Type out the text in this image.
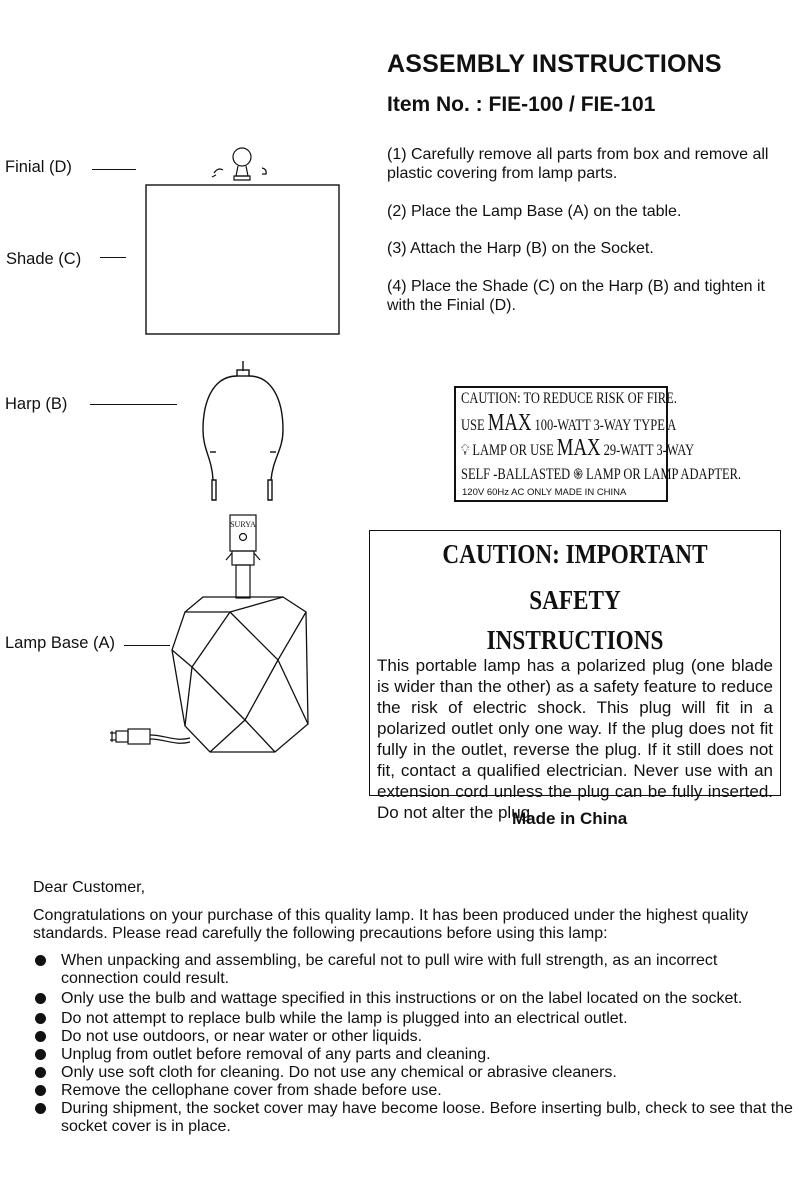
ASSEMBLY INSTRUCTIONS
Item No. : FIE-100 / FIE-101
(1) Carefully remove all parts from box and remove all plastic covering from lamp parts.
(2) Place the Lamp Base (A) on the table.
(3) Attach the Harp (B) on the Socket.
(4) Place the Shade (C) on the Harp (B) and tighten it with the Finial (D).
Finial (D)
Shade (C)
Harp (B)
Lamp Base (A)
SURYA
CAUTION: TO REDUCE RISK OF FIRE.
USE MAX 100-WATT 3-WAY TYPE A
💡︎ LAMP OR USE MAX 29-WATT 3-WAY
SELF -BALLASTED ֍ LAMP OR LAMP ADAPTER.
120V 60Hz AC ONLY MADE IN CHINA
CAUTION: IMPORTANT SAFETY
INSTRUCTIONS

This portable lamp has a polarized plug (one blade is wider than the other) as a safety feature to reduce the risk of electric shock. This plug will fit in a polarized outlet only one way. If the plug does not fit fully in the outlet, reverse the plug. If it still does not fit, contact a qualified electrician. Never use with an extension cord unless the plug can be fully inserted. Do not alter the plug.

Made in China
Dear Customer,
Congratulations on your purchase of this quality lamp. It has been produced under the highest quality standards. Please read carefully the following precautions before using this lamp:
When unpacking and assembling, be careful not to pull wire with full strength, as an incorrect connection could result.
Only use the bulb and wattage specified in this instructions or on the label located on the socket.
Do not attempt to replace bulb while the lamp is plugged into an electrical outlet.
Do not use outdoors, or near water or other liquids.
Unplug from outlet before removal of any parts and cleaning.
Only use soft cloth for cleaning. Do not use any chemical or abrasive cleaners.
Remove the cellophane cover from shade before use.
During shipment, the socket cover may have become loose. Before inserting bulb, check to see that the socket cover is in place.
